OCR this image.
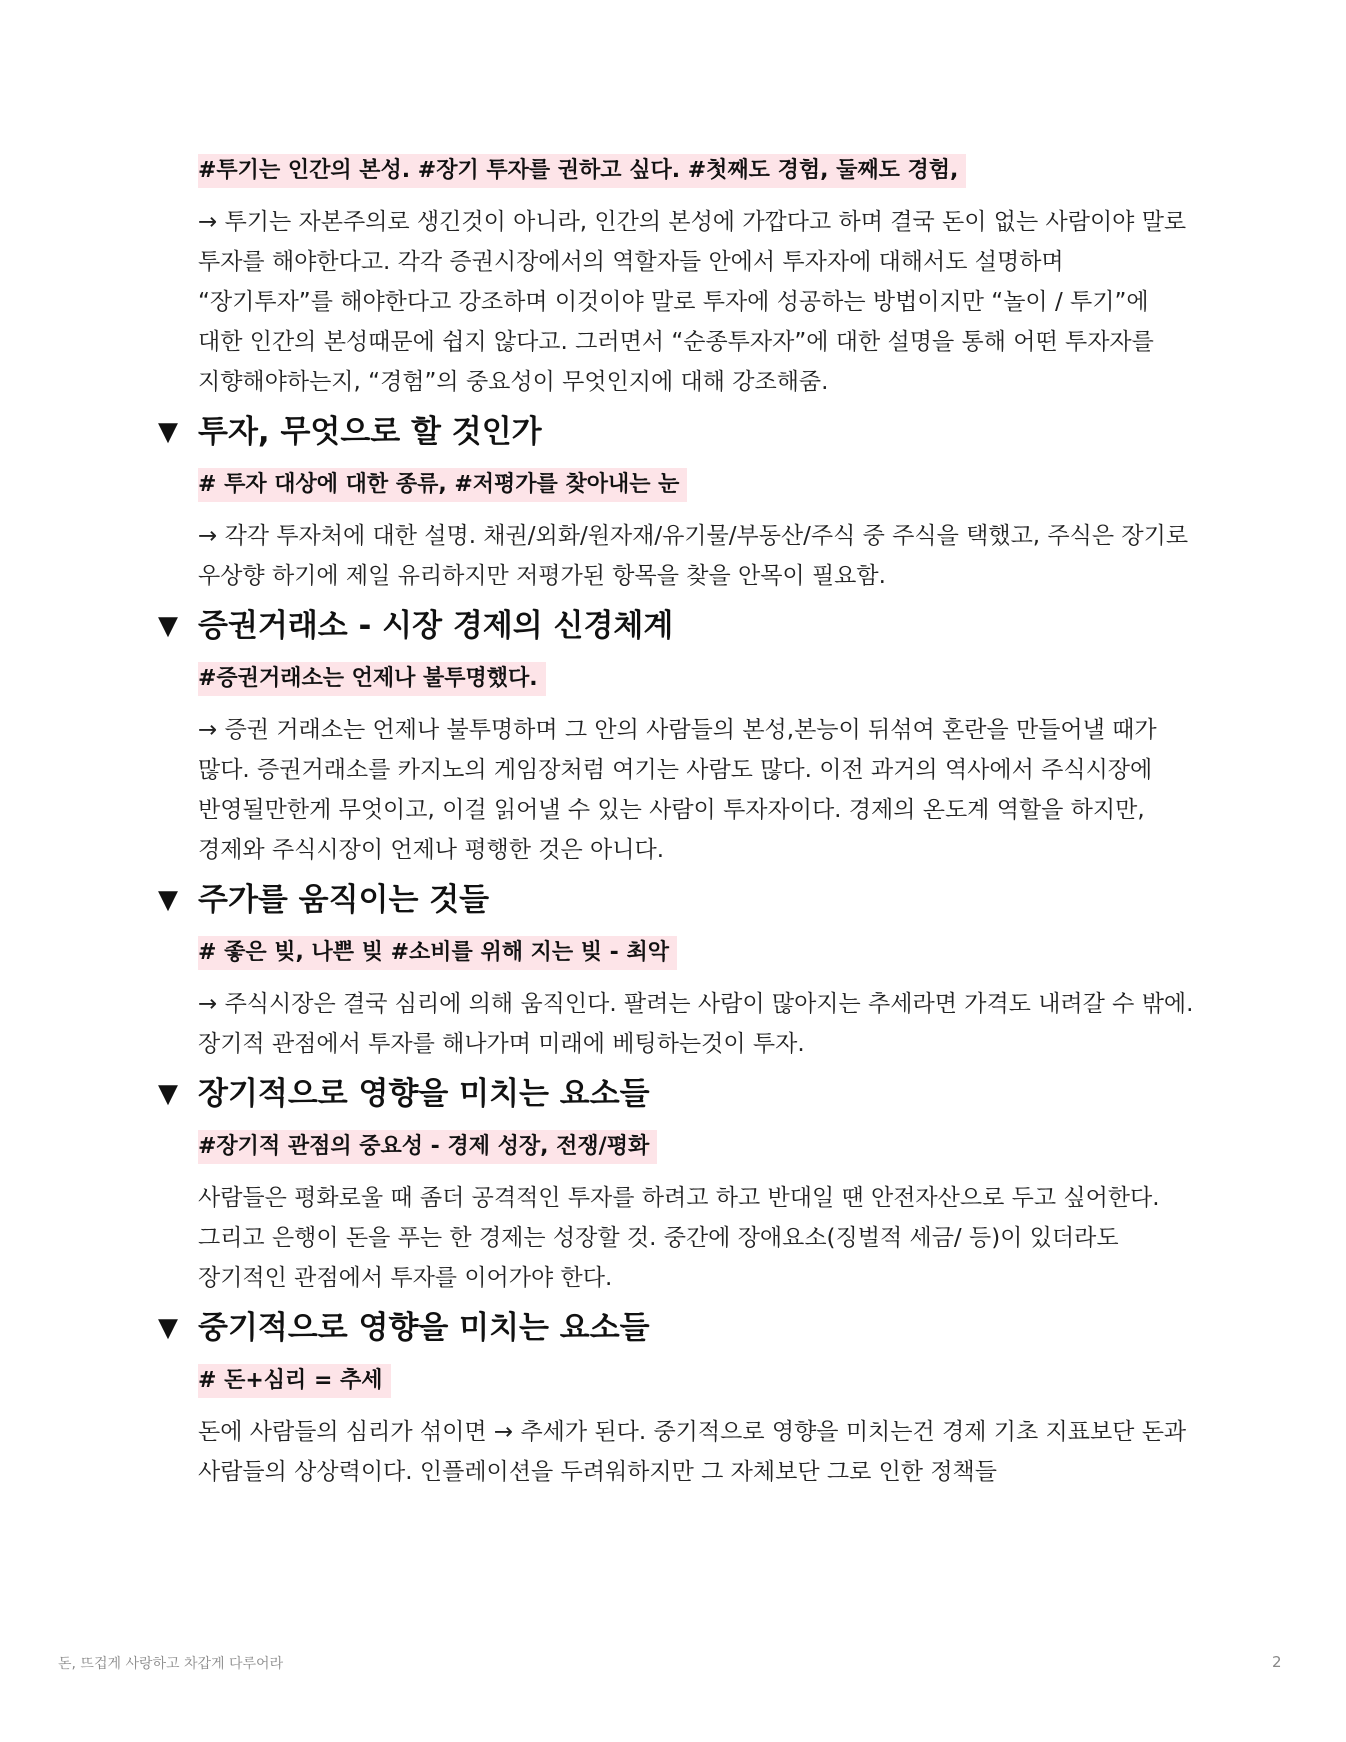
#투기는 인간의 본성. #장기 투자를 권하고 싶다. #첫째도 경험, 둘째도 경험,

→ 투기는 자본주의로 생긴것이 아니라, 인간의 본성에 가깝다고 하며 결국 돈이 없는 사람이야 말로 투자를 해야한다고. 각각 증권시장에서의 역할자들 안에서 투자자에 대해서도 설명하며 “장기투자”를 해야한다고 강조하며 이것이야 말로 투자에 성공하는 방법이지만 “놀이 / 투기”에 대한 인간의 본성때문에 쉽지 않다고. 그러면서 “순종투자자”에 대한 설명을 통해 어떤 투자자를 지향해야하는지, “경험”의 중요성이 무엇인지에 대해 강조해줌.

▼ 투자, 무엇으로 할 것인가
# 투자 대상에 대한 종류, #저평가를 찾아내는 눈

→ 각각 투자처에 대한 설명. 채권/외화/원자재/유기물/부동산/주식 중 주식을 택했고, 주식은 장기로 우상향 하기에 제일 유리하지만 저평가된 항목을 찾을 안목이 필요함.

▼ 증권거래소 - 시장 경제의 신경체계
#증권거래소는 언제나 불투명했다.

→ 증권 거래소는 언제나 불투명하며 그 안의 사람들의 본성,본능이 뒤섞여 혼란을 만들어낼 때가 많다. 증권거래소를 카지노의 게임장처럼 여기는 사람도 많다. 이전 과거의 역사에서 주식시장에 반영될만한게 무엇이고, 이걸 읽어낼 수 있는 사람이 투자자이다. 경제의 온도계 역할을 하지만, 경제와 주식시장이 언제나 평행한 것은 아니다.

▼ 주가를 움직이는 것들
# 좋은 빚, 나쁜 빚 #소비를 위해 지는 빚 - 최악

→ 주식시장은 결국 심리에 의해 움직인다. 팔려는 사람이 많아지는 추세라면 가격도 내려갈 수 밖에. 장기적 관점에서 투자를 해나가며 미래에 베팅하는것이 투자.

▼ 장기적으로 영향을 미치는 요소들
#장기적 관점의 중요성 - 경제 성장, 전쟁/평화

사람들은 평화로울 때 좀더 공격적인 투자를 하려고 하고 반대일 땐 안전자산으로 두고 싶어한다. 그리고 은행이 돈을 푸는 한 경제는 성장할 것. 중간에 장애요소(징벌적 세금/ 등)이 있더라도 장기적인 관점에서 투자를 이어가야 한다.

▼ 중기적으로 영향을 미치는 요소들
# 돈+심리 = 추세

돈에 사람들의 심리가 섞이면 → 추세가 된다. 중기적으로 영향을 미치는건 경제 기초 지표보단 돈과 사람들의 상상력이다. 인플레이션을 두려워하지만 그 자체보단 그로 인한 정책들

돈, 뜨겁게 사랑하고 차갑게 다루어라	2
